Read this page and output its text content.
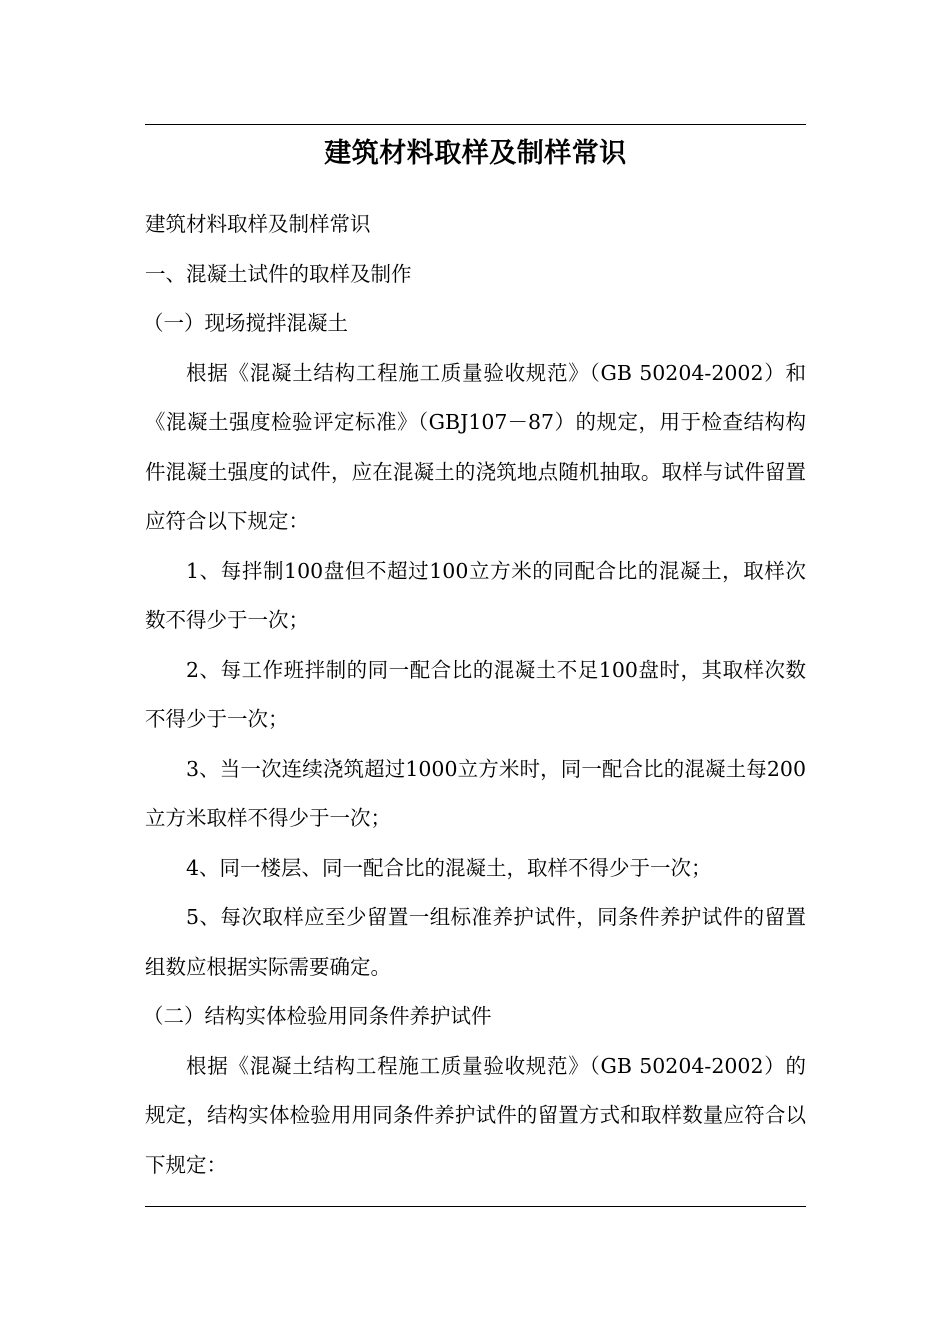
建筑材料取样及制样常识

建筑材料取样及制样常识

一、混凝土试件的取样及制作

（一）现场搅拌混凝土

根据《混凝土结构工程施工质量验收规范》（GB 50204-2002）和《混凝土强度检验评定标准》（GBJ107－87）的规定，用于检查结构构件混凝土强度的试件，应在混凝土的浇筑地点随机抽取。取样与试件留置应符合以下规定：

1、每拌制100盘但不超过100立方米的同配合比的混凝土，取样次数不得少于一次；

2、每工作班拌制的同一配合比的混凝土不足100盘时，其取样次数不得少于一次；

3、当一次连续浇筑超过1000立方米时，同一配合比的混凝土每200立方米取样不得少于一次；

4、同一楼层、同一配合比的混凝土，取样不得少于一次；

5、每次取样应至少留置一组标准养护试件，同条件养护试件的留置组数应根据实际需要确定。

（二）结构实体检验用同条件养护试件

根据《混凝土结构工程施工质量验收规范》（GB 50204-2002）的规定，结构实体检验用用同条件养护试件的留置方式和取样数量应符合以下规定：
